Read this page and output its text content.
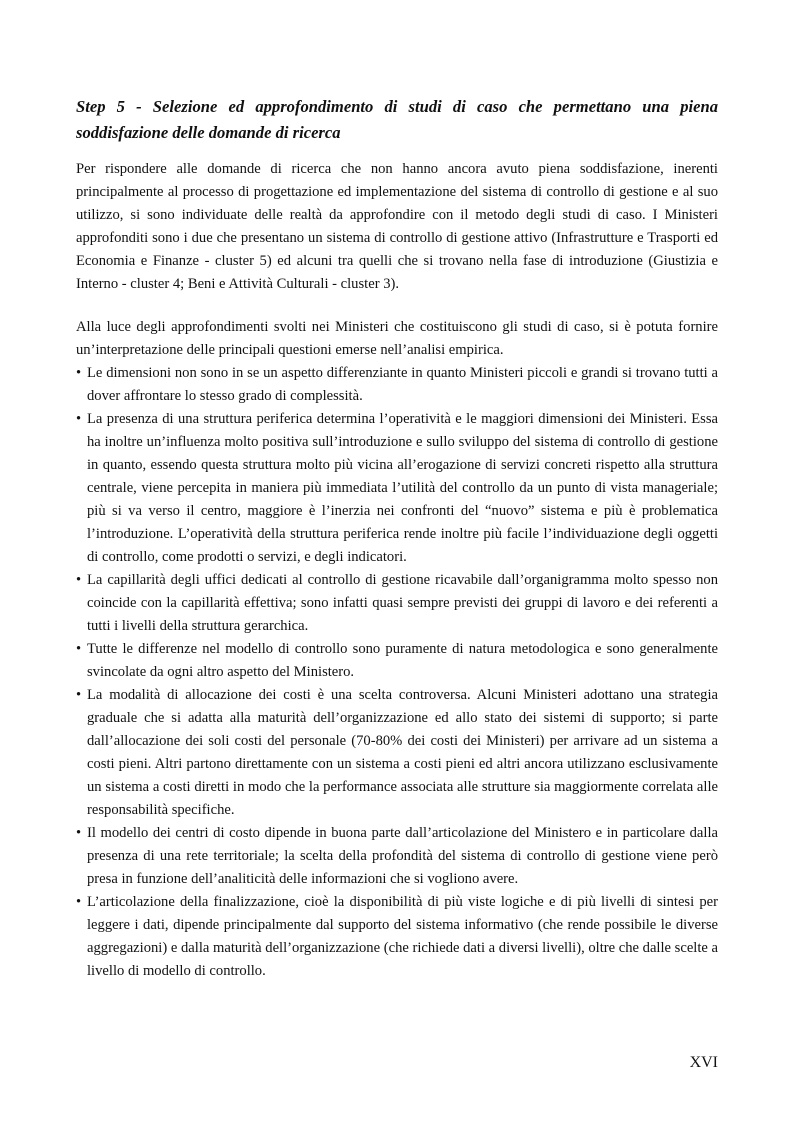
Step 5 - Selezione ed approfondimento di studi di caso che permettano una piena soddisfazione delle domande di ricerca

Per rispondere alle domande di ricerca che non hanno ancora avuto piena soddisfazione, inerenti principalmente al processo di progettazione ed implementazione del sistema di controllo di gestione e al suo utilizzo, si sono individuate delle realtà da approfondire con il metodo degli studi di caso. I Ministeri approfonditi sono i due che presentano un sistema di controllo di gestione attivo (Infrastrutture e Trasporti ed Economia e Finanze - cluster 5) ed alcuni tra quelli che si trovano nella fase di introduzione (Giustizia e Interno - cluster 4; Beni e Attività Culturali - cluster 3).

Alla luce degli approfondimenti svolti nei Ministeri che costituiscono gli studi di caso, si è potuta fornire un’interpretazione delle principali questioni emerse nell’analisi empirica.

• Le dimensioni non sono in se un aspetto differenziante in quanto Ministeri piccoli e grandi si trovano tutti a dover affrontare lo stesso grado di complessità.
• La presenza di una struttura periferica determina l’operatività e le maggiori dimensioni dei Ministeri. Essa ha inoltre un’influenza molto positiva sull’introduzione e sullo sviluppo del sistema di controllo di gestione in quanto, essendo questa struttura molto più vicina all’erogazione di servizi concreti rispetto alla struttura centrale, viene percepita in maniera più immediata l’utilità del controllo da un punto di vista manageriale; più si va verso il centro, maggiore è l’inerzia nei confronti del “nuovo” sistema e più è problematica l’introduzione. L’operatività della struttura periferica rende inoltre più facile l’individuazione degli oggetti di controllo, come prodotti o servizi, e degli indicatori.
• La capillarità degli uffici dedicati al controllo di gestione ricavabile dall’organigramma molto spesso non coincide con la capillarità effettiva; sono infatti quasi sempre previsti dei gruppi di lavoro e dei referenti a tutti i livelli della struttura gerarchica.
• Tutte le differenze nel modello di controllo sono puramente di natura metodologica e sono generalmente svincolate da ogni altro aspetto del Ministero.
• La modalità di allocazione dei costi è una scelta controversa. Alcuni Ministeri adottano una strategia graduale che si adatta alla maturità dell’organizzazione ed allo stato dei sistemi di supporto; si parte dall’allocazione dei soli costi del personale (70-80% dei costi dei Ministeri) per arrivare ad un sistema a costi pieni. Altri partono direttamente con un sistema a costi pieni ed altri ancora utilizzano esclusivamente un sistema a costi diretti in modo che la performance associata alle strutture sia maggiormente correlata alle responsabilità specifiche.
• Il modello dei centri di costo dipende in buona parte dall’articolazione del Ministero e in particolare dalla presenza di una rete territoriale; la scelta della profondità del sistema di controllo di gestione viene però presa in funzione dell’analiticità delle informazioni che si vogliono avere.
• L’articolazione della finalizzazione, cioè la disponibilità di più viste logiche e di più livelli di sintesi per leggere i dati, dipende principalmente dal supporto del sistema informativo (che rende possibile le diverse aggregazioni) e dalla maturità dell’organizzazione (che richiede dati a diversi livelli), oltre che dalle scelte a livello di modello di controllo.
XVI
